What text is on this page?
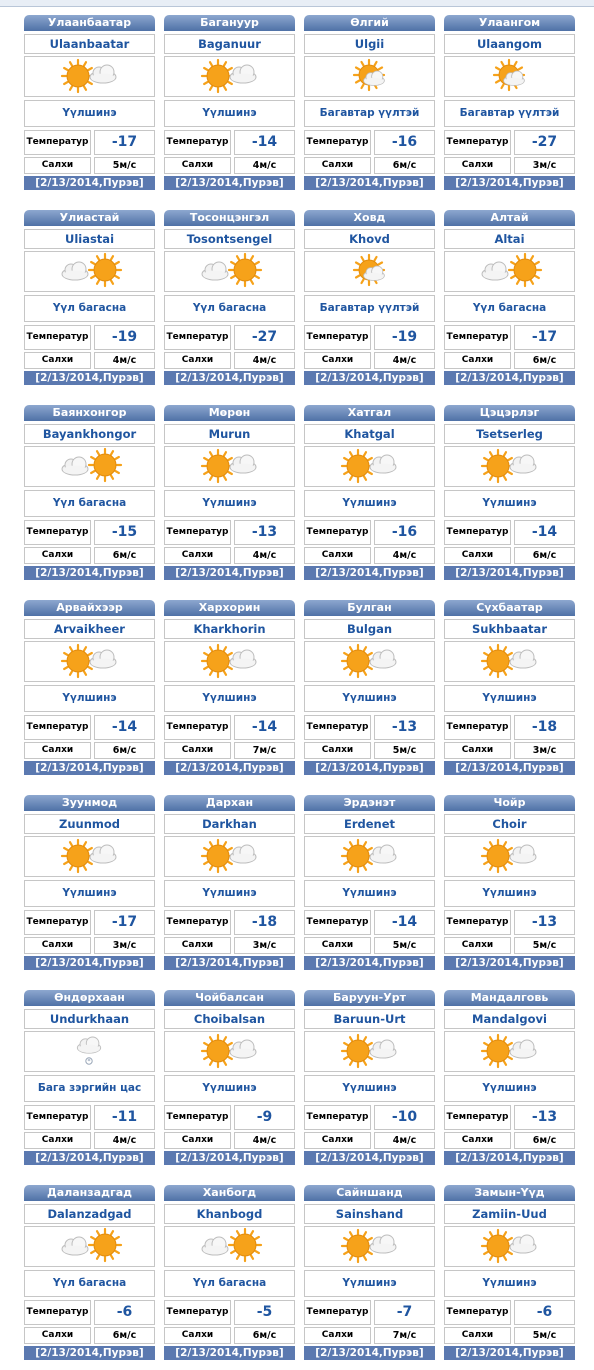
Улаанбаатар
Ulaanbaatar
Үүлшинэ
Температур	-17
Салхи	5м/с
[2/13/2014,Пурэв]
Багануур
Baganuur
Үүлшинэ
Температур	-14
Салхи	4м/с
[2/13/2014,Пурэв]
Өлгий
Ulgii
Багавтар үүлтэй
Температур	-16
Салхи	6м/с
[2/13/2014,Пурэв]
Улаангом
Ulaangom
Багавтар үүлтэй
Температур	-27
Салхи	3м/с
[2/13/2014,Пурэв]
Улиастай
Uliastai
Үүл багасна
Температур	-19
Салхи	4м/с
[2/13/2014,Пурэв]
Тосонцэнгэл
Tosontsengel
Үүл багасна
Температур	-27
Салхи	4м/с
[2/13/2014,Пурэв]
Ховд
Khovd
Багавтар үүлтэй
Температур	-19
Салхи	4м/с
[2/13/2014,Пурэв]
Алтай
Altai
Үүл багасна
Температур	-17
Салхи	6м/с
[2/13/2014,Пурэв]
Баянхонгор
Bayankhongor
Үүл багасна
Температур	-15
Салхи	6м/с
[2/13/2014,Пурэв]
Мөрөн
Murun
Үүлшинэ
Температур	-13
Салхи	4м/с
[2/13/2014,Пурэв]
Хатгал
Khatgal
Үүлшинэ
Температур	-16
Салхи	4м/с
[2/13/2014,Пурэв]
Цэцэрлэг
Tsetserleg
Үүлшинэ
Температур	-14
Салхи	6м/с
[2/13/2014,Пурэв]
Арвайхээр
Arvaikheer
Үүлшинэ
Температур	-14
Салхи	6м/с
[2/13/2014,Пурэв]
Хархорин
Kharkhorin
Үүлшинэ
Температур	-14
Салхи	7м/с
[2/13/2014,Пурэв]
Булган
Bulgan
Үүлшинэ
Температур	-13
Салхи	5м/с
[2/13/2014,Пурэв]
Сүхбаатар
Sukhbaatar
Үүлшинэ
Температур	-18
Салхи	3м/с
[2/13/2014,Пурэв]
Зуунмод
Zuunmod
Үүлшинэ
Температур	-17
Салхи	3м/с
[2/13/2014,Пурэв]
Дархан
Darkhan
Үүлшинэ
Температур	-18
Салхи	3м/с
[2/13/2014,Пурэв]
Эрдэнэт
Erdenet
Үүлшинэ
Температур	-14
Салхи	5м/с
[2/13/2014,Пурэв]
Чойр
Choir
Үүлшинэ
Температур	-13
Салхи	5м/с
[2/13/2014,Пурэв]
Өндөрхаан
Undurkhaan
*
Бага зэргийн цас
Температур	-11
Салхи	4м/с
[2/13/2014,Пурэв]
Чойбалсан
Choibalsan
Үүлшинэ
Температур	-9
Салхи	4м/с
[2/13/2014,Пурэв]
Баруун-Урт
Baruun-Urt
Үүлшинэ
Температур	-10
Салхи	4м/с
[2/13/2014,Пурэв]
Мандалговь
Mandalgovi
Үүлшинэ
Температур	-13
Салхи	6м/с
[2/13/2014,Пурэв]
Даланзадгад
Dalanzadgad
Үүл багасна
Температур	-6
Салхи	6м/с
[2/13/2014,Пурэв]
Ханбогд
Khanbogd
Үүл багасна
Температур	-5
Салхи	6м/с
[2/13/2014,Пурэв]
Сайншанд
Sainshand
Үүлшинэ
Температур	-7
Салхи	7м/с
[2/13/2014,Пурэв]
Замын-Үүд
Zamiin-Uud
Үүлшинэ
Температур	-6
Салхи	5м/с
[2/13/2014,Пурэв]
